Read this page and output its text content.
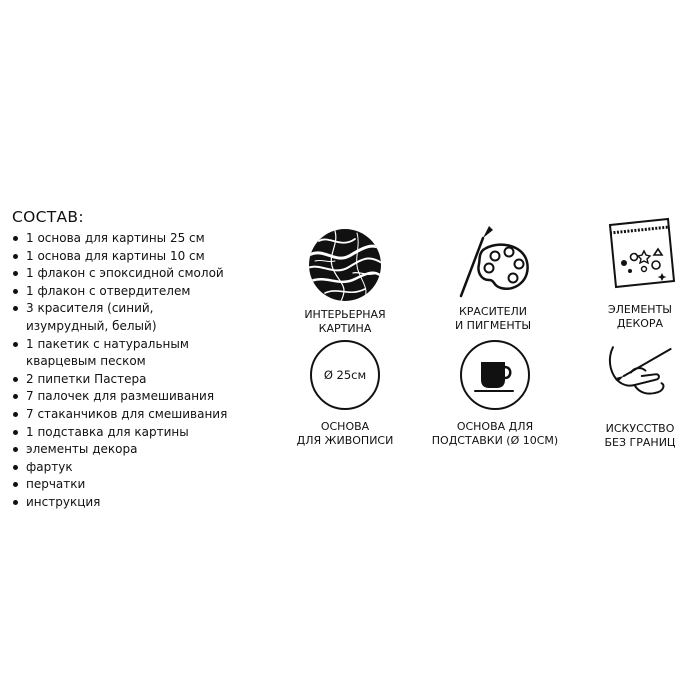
СОСТАВ:
1 основа для картины 25 см
1 основа для картины 10 см
1 флакон с эпоксидной смолой
1 флакон с отвердителем
3 красителя (синий,
изумрудный, белый)
1 пакетик с натуральным
кварцевым песком
2 пипетки Пастера
7 палочек для размешивания
7 стаканчиков для смешивания
1 подставка для картины
элементы декора
фартук
перчатки
инструкция
ИНТЕРЬЕРНАЯ
КАРТИНА
КРАСИТЕЛИ
И ПИГМЕНТЫ
ЭЛЕМЕНТЫ
ДЕКОРА
Ø 25см
ОСНОВА
ДЛЯ ЖИВОПИСИ
ОСНОВА ДЛЯ
ПОДСТАВКИ (Ø 10СМ)
ИСКУССТВО
БЕЗ ГРАНИЦ
